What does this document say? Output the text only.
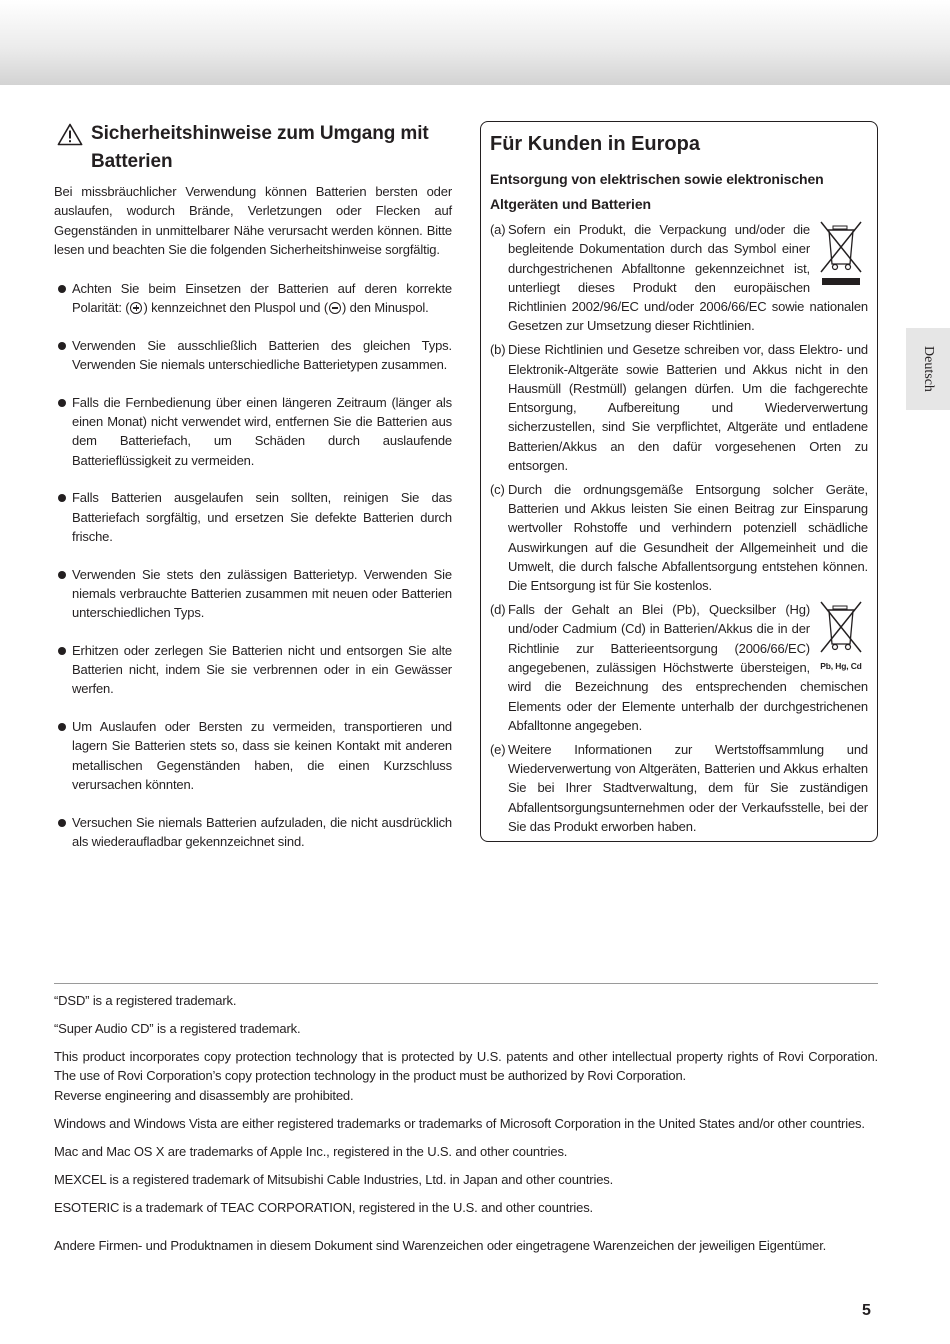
Deutsch
Sicherheitshinweise zum Umgang mit Batterien

Bei missbräuchlicher Verwendung können Batterien bersten oder auslaufen, wodurch Brände, Verletzungen oder Flecken auf Gegenständen in unmittelbarer Nähe verursacht werden können. Bitte lesen und beachten Sie die folgenden Sicherheitshinweise sorgfältig.

Achten Sie beim Einsetzen der Batterien auf deren korrekte Polarität: ( ) kennzeichnet den Pluspol und ( ) den Minuspol.
Verwenden Sie ausschließlich Batterien des gleichen Typs. Verwenden Sie niemals unterschiedliche Batterietypen zusammen.
Falls die Fernbedienung über einen längeren Zeitraum (länger als einen Monat) nicht verwendet wird, entfernen Sie die Batterien aus dem Batteriefach, um Schäden durch auslaufende Batterieflüssigkeit zu vermeiden.
Falls Batterien ausgelaufen sein sollten, reinigen Sie das Batteriefach sorgfältig, und ersetzen Sie defekte Batterien durch frische.
Verwenden Sie stets den zulässigen Batterietyp. Verwenden Sie niemals verbrauchte Batterien zusammen mit neuen oder Batterien unterschiedlichen Typs.
Erhitzen oder zerlegen Sie Batterien nicht und entsorgen Sie alte Batterien nicht, indem Sie sie verbrennen oder in ein Gewässer werfen.
Um Auslaufen oder Bersten zu vermeiden, transportieren und lagern Sie Batterien stets so, dass sie keinen Kontakt mit anderen metallischen Gegenständen haben, die einen Kurzschluss verursachen könnten.
Versuchen Sie niemals Batterien aufzuladen, die nicht ausdrücklich als wiederaufladbar gekennzeichnet sind.
Für Kunden in Europa
Entsorgung von elektrischen sowie elektronischen Altgeräten und Batterien
(a) Sofern ein Produkt, die Verpackung und/oder die begleitende Dokumentation durch das Symbol einer durchgestrichenen Abfalltonne gekennzeichnet ist, unterliegt dieses Produkt den europäischen Richtlinien 2002/96/EC und/oder 2006/66/EC sowie nationalen Gesetzen zur Umsetzung dieser Richtlinien.
(b) Diese Richtlinien und Gesetze schreiben vor, dass Elektro- und Elektronik-Altgeräte sowie Batterien und Akkus nicht in den Hausmüll (Restmüll) gelangen dürfen. Um die fachgerechte Entsorgung, Aufbereitung und Wiederverwertung sicherzustellen, sind Sie verpflichtet, Altgeräte und entladene Batterien/Akkus an den dafür vorgesehenen Orten zu entsorgen.
(c) Durch die ordnungsgemäße Entsorgung solcher Geräte, Batterien und Akkus leisten Sie einen Beitrag zur Einsparung wertvoller Rohstoffe und verhindern potenziell schädliche Auswirkungen auf die Gesundheit der Allgemeinheit und die Umwelt, die durch falsche Abfallentsorgung entstehen können. Die Entsorgung ist für Sie kostenlos.
(d)
Pb, Hg, Cd
Falls der Gehalt an Blei (Pb), Quecksilber (Hg) und/oder Cadmium (Cd) in Batterien/Akkus die in der Richtlinie zur Batterieentsorgung (2006/66/EC) angegebenen, zulässigen Höchstwerte übersteigen, wird die Bezeichnung des entsprechenden chemischen Elements oder der Elemente unterhalb der durchgestrichenen Abfalltonne angegeben.
(e) Weitere Informationen zur Wertstoffsammlung und Wiederverwertung von Altgeräten, Batterien und Akkus erhalten Sie bei Ihrer Stadtverwaltung, dem für Sie zuständigen Abfallentsorgungsunternehmen oder der Verkaufsstelle, bei der Sie das Produkt erworben haben.

“DSD” is a registered trademark.

“Super Audio CD” is a registered trademark.

This product incorporates copy protection technology that is protected by U.S. patents and other intellectual property rights of Rovi Corporation. The use of Rovi Corporation’s copy protection technology in the product must be authorized by Rovi Corporation.
Reverse engineering and disassembly are prohibited.

Windows and Windows Vista are either registered trademarks or trademarks of Microsoft Corporation in the United States and/or other countries.

Mac and Mac OS X are trademarks of Apple Inc., registered in the U.S. and other countries.

MEXCEL is a registered trademark of Mitsubishi Cable Industries, Ltd. in Japan and other countries.

ESOTERIC is a trademark of TEAC CORPORATION, registered in the U.S. and other countries.

Andere Firmen- und Produktnamen in diesem Dokument sind Warenzeichen oder eingetragene Warenzeichen der jeweiligen Eigentümer.

5
